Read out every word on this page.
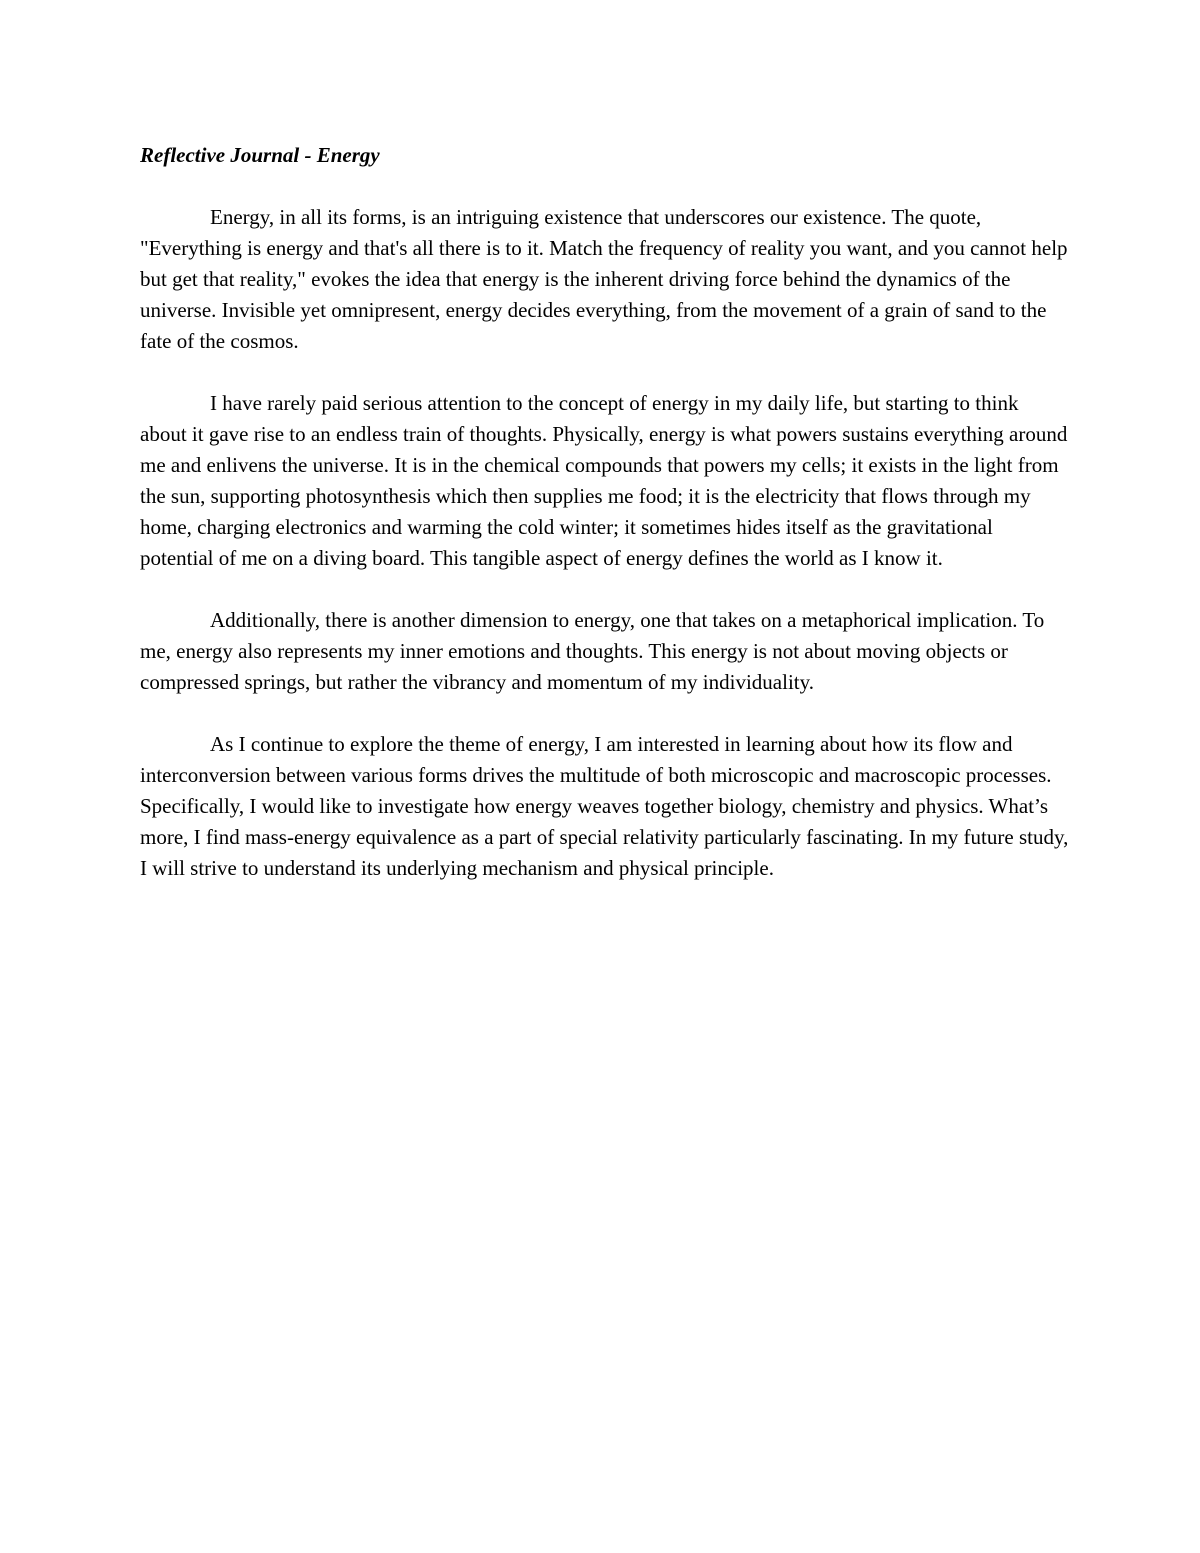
Reflective Journal - Energy

Energy, in all its forms, is an intriguing existence that underscores our existence. The quote, "Everything is energy and that's all there is to it. Match the frequency of reality you want, and you cannot help but get that reality," evokes the idea that energy is the inherent driving force behind the dynamics of the universe. Invisible yet omnipresent, energy decides everything, from the movement of a grain of sand to the fate of the cosmos.

I have rarely paid serious attention to the concept of energy in my daily life, but starting to think about it gave rise to an endless train of thoughts. Physically, energy is what powers sustains everything around me and enlivens the universe. It is in the chemical compounds that powers my cells; it exists in the light from the sun, supporting photosynthesis which then supplies me food; it is the electricity that flows through my home, charging electronics and warming the cold winter; it sometimes hides itself as the gravitational potential of me on a diving board. This tangible aspect of energy defines the world as I know it.

Additionally, there is another dimension to energy, one that takes on a metaphorical implication. To me, energy also represents my inner emotions and thoughts. This energy is not about moving objects or compressed springs, but rather the vibrancy and momentum of my individuality.

As I continue to explore the theme of energy, I am interested in learning about how its flow and interconversion between various forms drives the multitude of both microscopic and macroscopic processes. Specifically, I would like to investigate how energy weaves together biology, chemistry and physics. What’s more, I find mass-energy equivalence as a part of special relativity particularly fascinating. In my future study, I will strive to understand its underlying mechanism and physical principle.
